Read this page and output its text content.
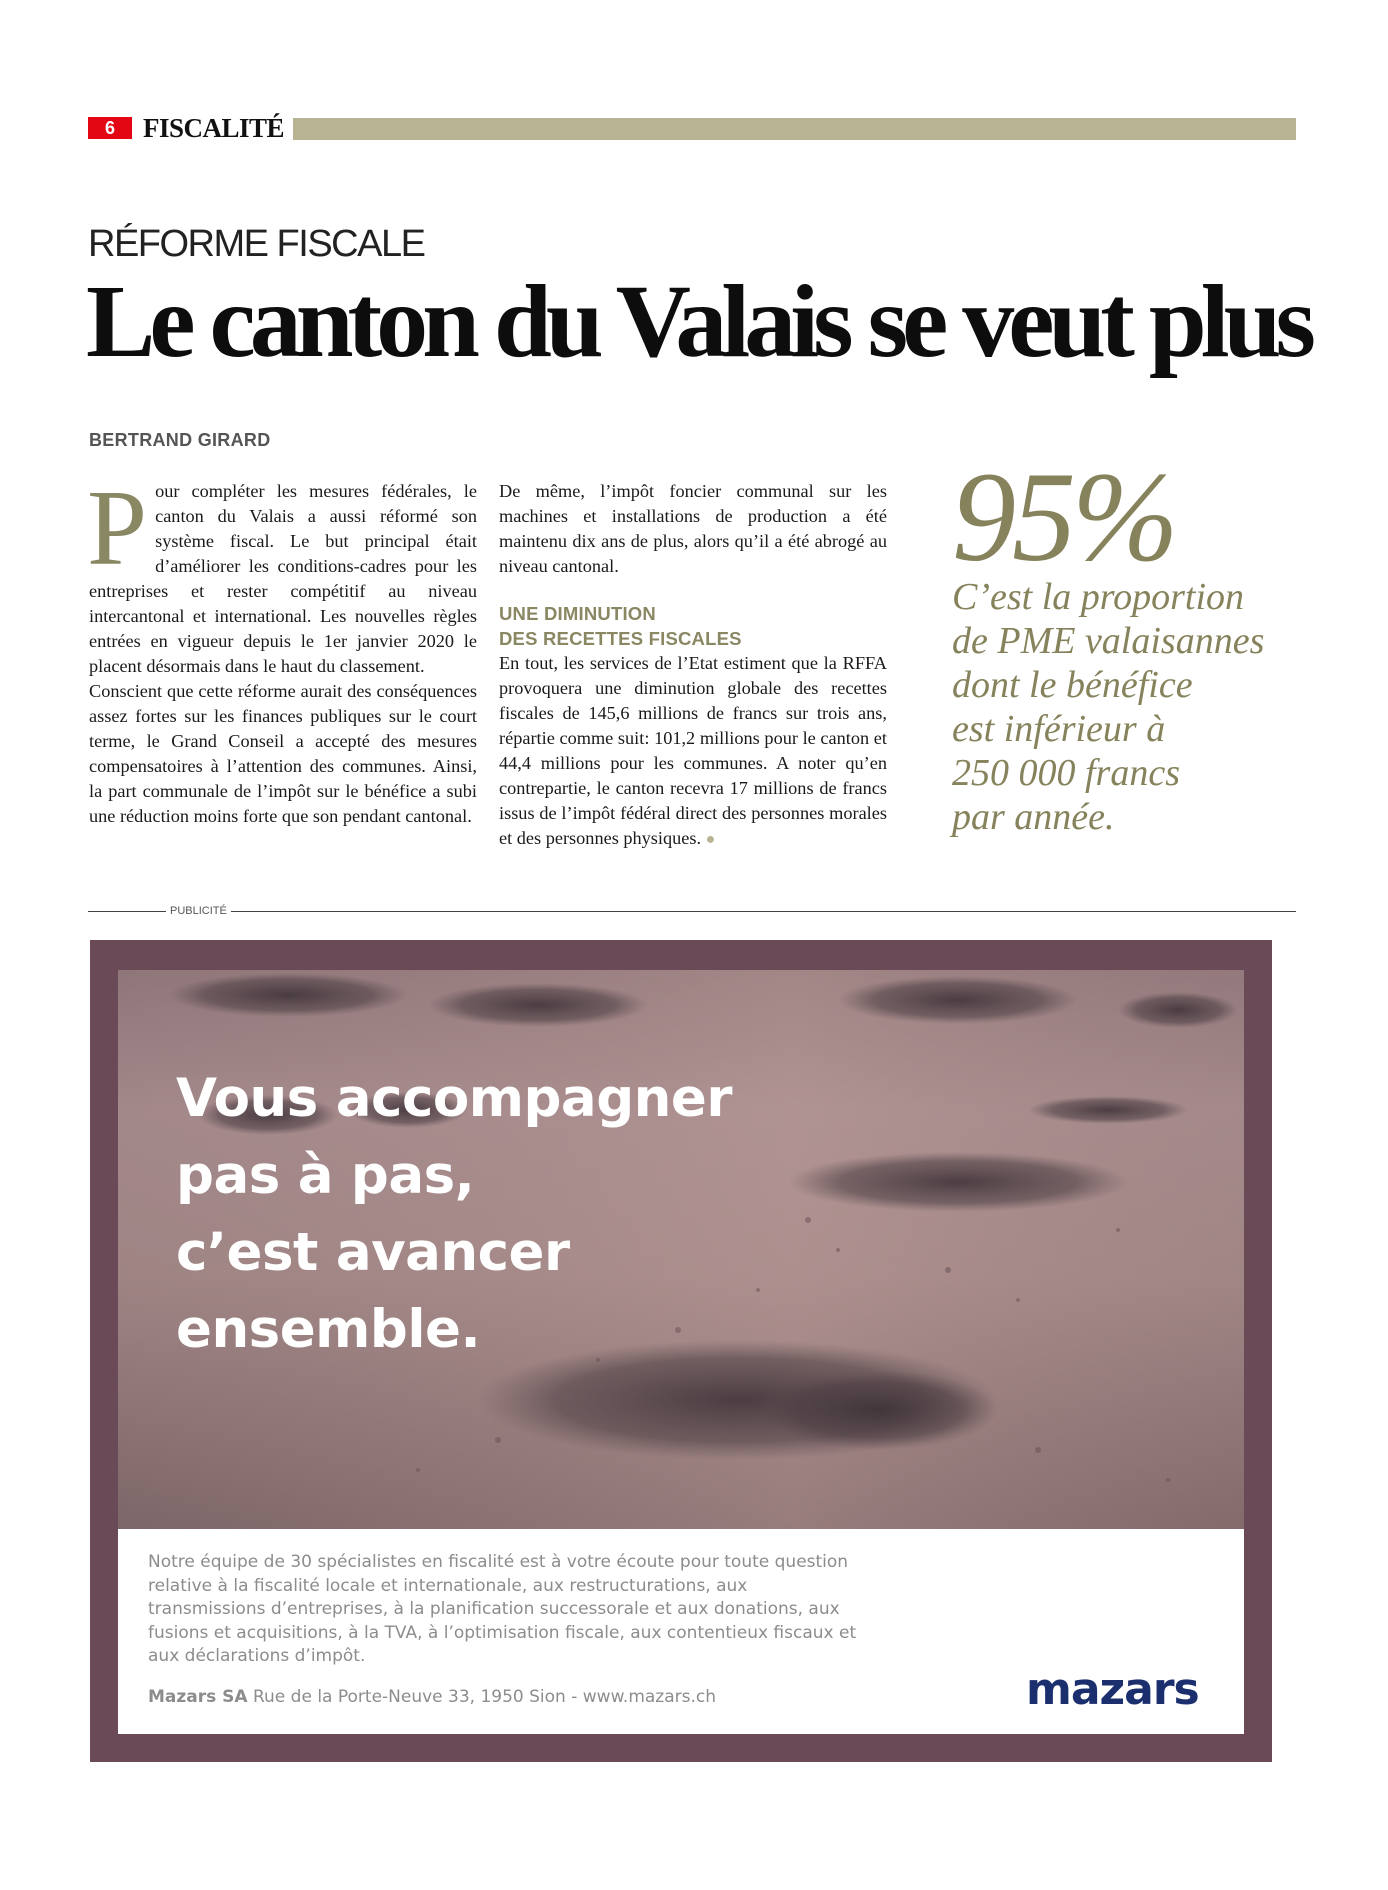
6	FISCALITÉ
RÉFORME FISCALE
Le canton du Valais se veut plus
BERTRAND GIRARD

Pour compléter les mesures fédérales, le canton du Valais a aussi réformé son système fiscal. Le but principal était d’améliorer les conditions-cadres pour les entreprises et rester compétitif au niveau intercantonal et international. Les nouvelles règles entrées en vigueur depuis le 1er janvier 2020 le placent désormais dans le haut du classement.

Conscient que cette réforme aurait des conséquences assez fortes sur les finances publiques sur le court terme, le Grand Conseil a accepté des mesures compensatoires à l’attention des communes. Ainsi, la part communale de l’impôt sur le bénéfice a subi une réduction moins forte que son pendant cantonal.

De même, l’impôt foncier communal sur les machines et installations de production a été maintenu dix ans de plus, alors qu’il a été abrogé au niveau cantonal.

UNE DIMINUTION
DES RECETTES FISCALES

En tout, les services de l’Etat estiment que la RFFA provoquera une diminution globale des recettes fiscales de 145,6 millions de francs sur trois ans, répartie comme suit: 101,2 millions pour le canton et 44,4 millions pour les communes. A noter qu’en contrepartie, le canton recevra 17 millions de francs issus de l’impôt fédéral direct des personnes morales et des personnes physiques. ●

95%
C’est la proportion
de PME valaisannes
dont le bénéfice
est inférieur à
250 000 francs
par année.
PUBLICITÉ
Vous accompagner
pas à pas,
c’est avancer
ensemble.
Notre équipe de 30 spécialistes en fiscalité est à votre écoute pour toute question relative à la fiscalité locale et internationale, aux restructurations, aux transmissions d’entreprises, à la planification successorale et aux donations, aux fusions et acquisitions, à la TVA, à l’optimisation fiscale, aux contentieux fiscaux et aux déclarations d’impôt.
Mazars SA Rue de la Porte-Neuve 33, 1950 Sion - www.mazars.ch	mazars
